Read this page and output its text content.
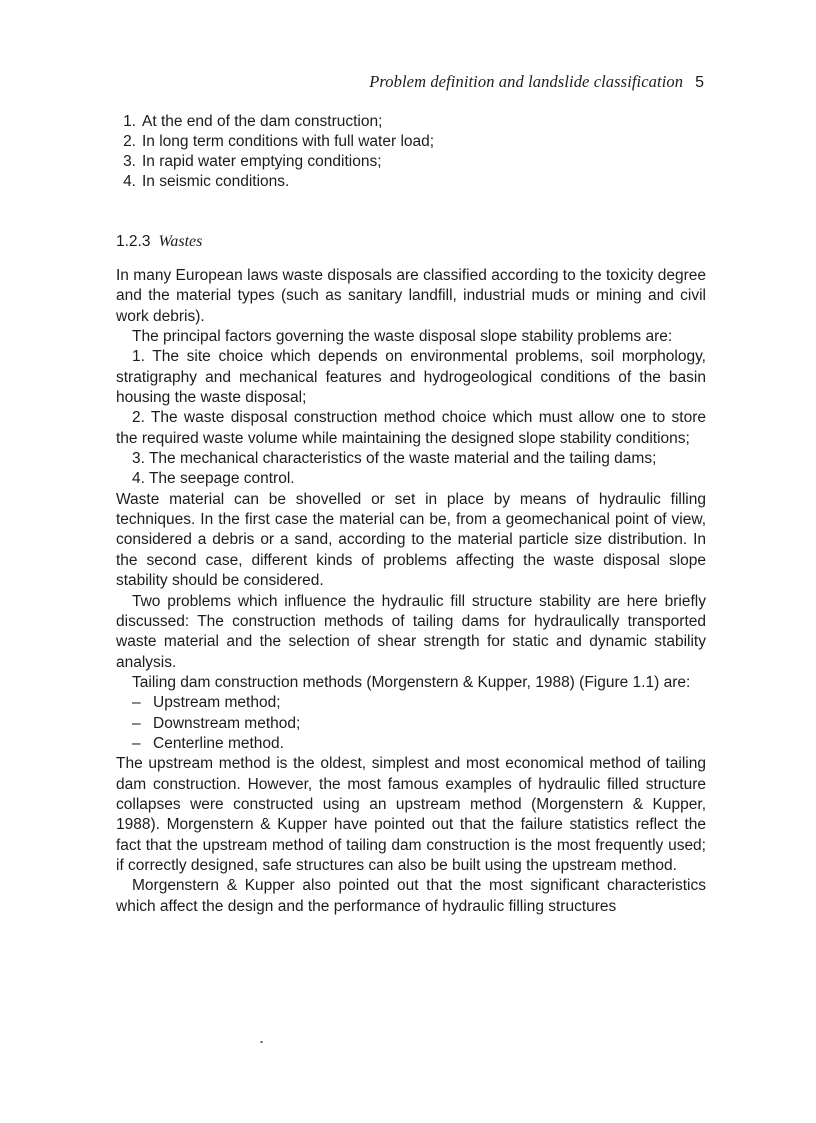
Problem definition and landslide classification 5
1. At the end of the dam construction;
2. In long term conditions with full water load;
3. In rapid water emptying conditions;
4. In seismic conditions.
1.2.3 Wastes

In many European laws waste disposals are classified according to the toxicity degree and the material types (such as sanitary landfill, industrial muds or mining and civil work debris).

The principal factors governing the waste disposal slope stability problems are:

1. The site choice which depends on environmental problems, soil morphology, stratigraphy and mechanical features and hydrogeological conditions of the basin housing the waste disposal;

2. The waste disposal construction method choice which must allow one to store the required waste volume while maintaining the designed slope stability conditions;

3. The mechanical characteristics of the waste material and the tailing dams;

4. The seepage control.

Waste material can be shovelled or set in place by means of hydraulic filling techniques. In the first case the material can be, from a geomechanical point of view, considered a debris or a sand, according to the material particle size distribution. In the second case, different kinds of problems affecting the waste disposal slope stability should be considered.

Two problems which influence the hydraulic fill structure stability are here briefly discussed: The construction methods of tailing dams for hydraulically transported waste material and the selection of shear strength for static and dynamic stability analysis.

Tailing dam construction methods (Morgenstern & Kupper, 1988) (Figure 1.1) are:

– Upstream method;
– Downstream method;
– Centerline method.

The upstream method is the oldest, simplest and most economical method of tailing dam construction. However, the most famous examples of hydraulic filled structure collapses were constructed using an upstream method (Morgenstern & Kupper, 1988). Morgenstern & Kupper have pointed out that the failure statistics reflect the fact that the upstream method of tailing dam construction is the most frequently used; if correctly designed, safe structures can also be built using the upstream method.

Morgenstern & Kupper also pointed out that the most significant characteristics which affect the design and the performance of hydraulic filling structures
